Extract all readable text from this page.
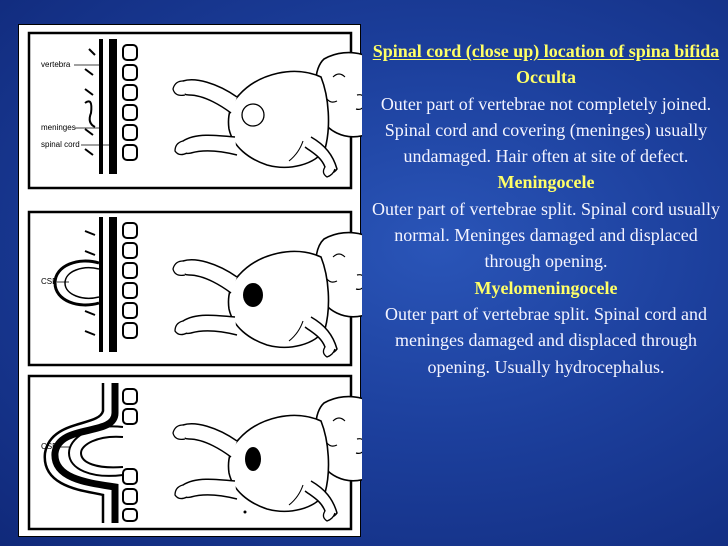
vertebra
meninges
spinal cord
CSF
CSF
Spinal cord (close up) location of spina bifida
Occulta
Outer part of vertebrae not completely joined. Spinal cord and covering (meninges) usually undamaged. Hair often at site of defect.
Meningocele
Outer part of vertebrae split. Spinal cord usually normal. Meninges damaged and displaced through opening.
Myelomeningocele
Outer part of vertebrae split. Spinal cord and meninges damaged and displaced through opening. Usually hydrocephalus.
